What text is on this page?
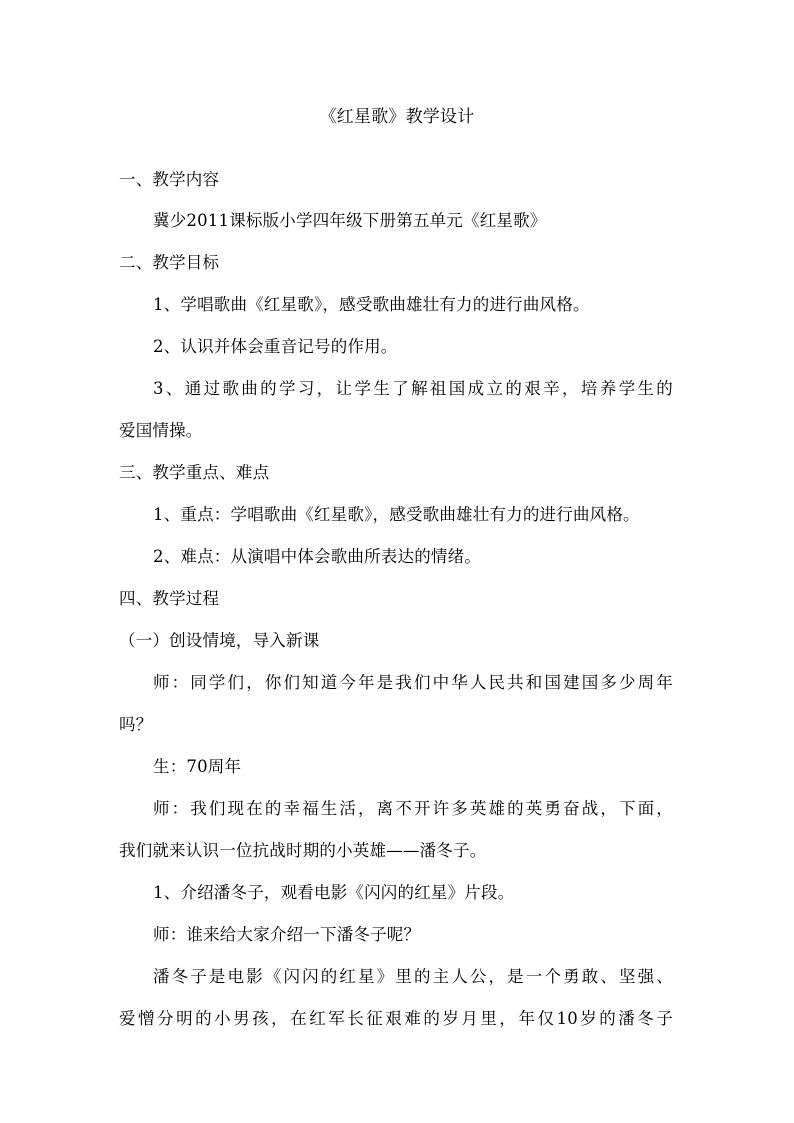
《红星歌》教学设计
一、教学内容
冀少2011课标版小学四年级下册第五单元《红星歌》
二、教学目标
1、学唱歌曲《红星歌》，感受歌曲雄壮有力的进行曲风格。
2、认识并体会重音记号的作用。
3、通过歌曲的学习，让学生了解祖国成立的艰辛，培养学生的
爱国情操。
三、教学重点、难点
1、重点：学唱歌曲《红星歌》，感受歌曲雄壮有力的进行曲风格。
2、难点：从演唱中体会歌曲所表达的情绪。
四、教学过程
（一）创设情境，导入新课
师：同学们，你们知道今年是我们中华人民共和国建国多少周年
吗？
生：70周年
师：我们现在的幸福生活，离不开许多英雄的英勇奋战，下面，
我们就来认识一位抗战时期的小英雄——潘冬子。
1、介绍潘冬子，观看电影《闪闪的红星》片段。
师：谁来给大家介绍一下潘冬子呢？
潘冬子是电影《闪闪的红星》里的主人公，是一个勇敢、坚强、
爱憎分明的小男孩，在红军长征艰难的岁月里，年仅10岁的潘冬子
